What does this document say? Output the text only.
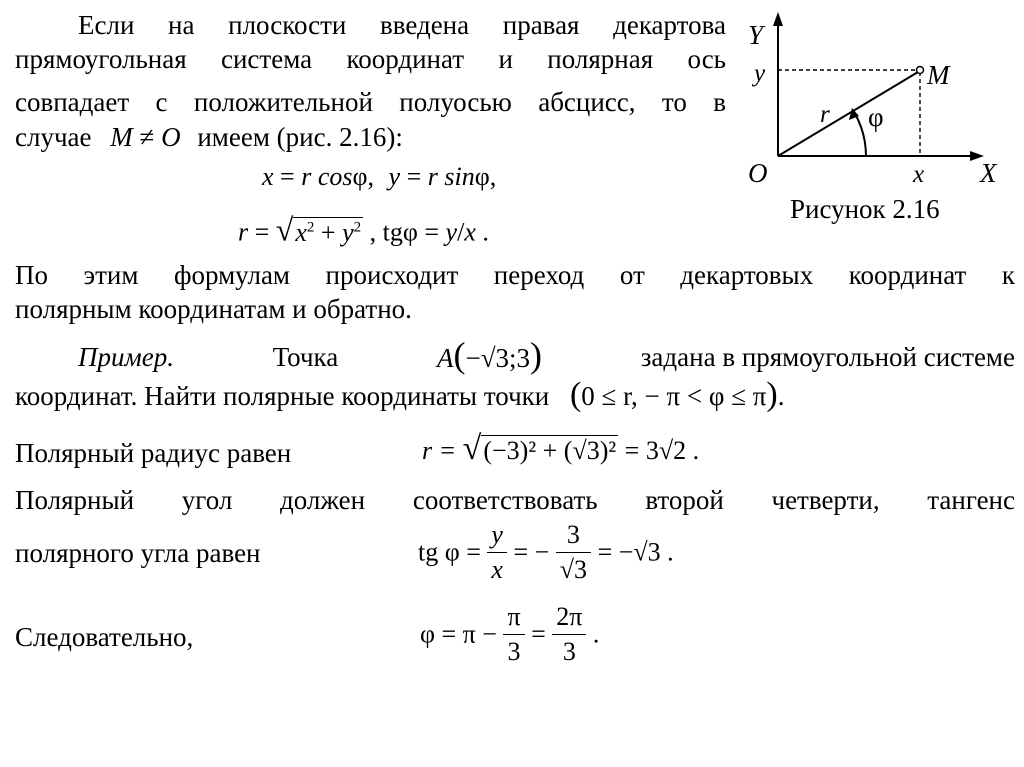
Если на плоскости введена правая декартова
прямоугольная система координат и полярная ось
совпадает с положительной полуосью абсцисс, то в
случае M ≠ O имеем (рис. 2.16):
x = r cosφ, y = r sinφ,
$r = √x^2 + y^2$ , tgφ = y/x .
Y
y	M
r φ
O	x X
Рисунок 2.16
По этим формулам происходит переход от декартовых координат к
полярным координатам и обратно.
Пример.	Точка	A(−√3;3)	задана в прямоугольной системе
координат. Найти полярные координаты точки (0 ≤ r, − π < φ ≤ π).
Полярный радиус равен	r = √(−3)² + (√3)² = 3√2 .
Полярный угол должен соответствовать второй четверти, тангенс
полярного угла равен	tg $\varphi = \frac{y}{x}$ = − $\frac{3}{√3} = -√3$ .
Следовательно,	$\varphi = \pi - \frac{\pi}{3} = \frac{2\pi}{3}$ .
